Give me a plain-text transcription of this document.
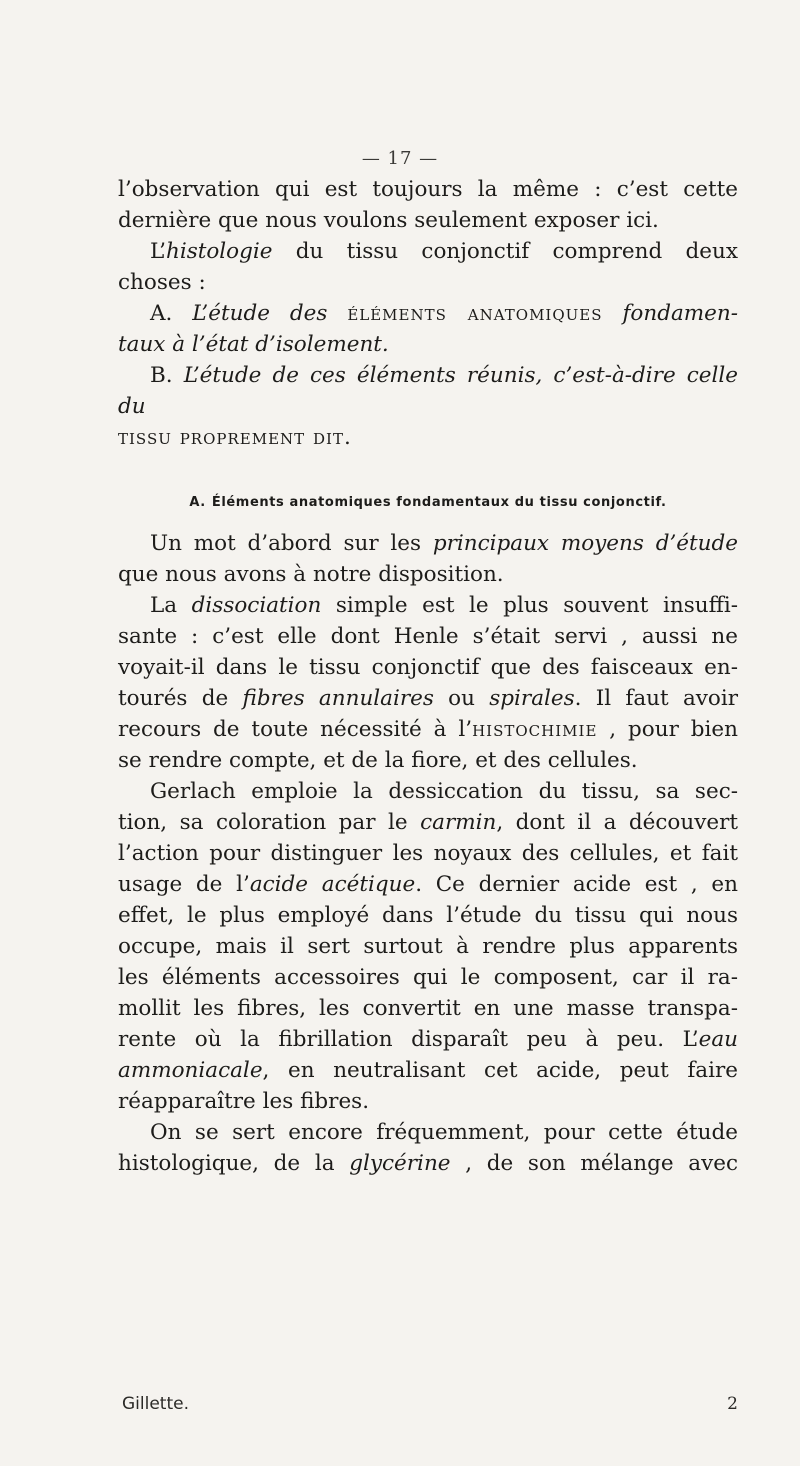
— 17 —

l’observation qui est toujours la même : c’est cette

dernière que nous voulons seulement exposer ici.

L’histologie du tissu conjonctif comprend deux

choses :

A. L’étude des éléments anatomiques fondamen-

taux à l’état d’isolement.

B. L’étude de ces éléments réunis, c’est-à-dire celle du

tissu proprement dit.

A. Éléments anatomiques fondamentaux du tissu conjonctif.

Un mot d’abord sur les principaux moyens d’étude

que nous avons à notre disposition.

La dissociation simple est le plus souvent insuffi-

sante : c’est elle dont Henle s’était servi , aussi ne

voyait-il dans le tissu conjonctif que des faisceaux en-

tourés de fibres annulaires ou spirales. Il faut avoir

recours de toute nécessité à l’histochimie , pour bien

se rendre compte, et de la fiore, et des cellules.

Gerlach emploie la dessiccation du tissu, sa sec-

tion, sa coloration par le carmin, dont il a découvert

l’action pour distinguer les noyaux des cellules, et fait

usage de l’acide acétique. Ce dernier acide est , en

effet, le plus employé dans l’étude du tissu qui nous

occupe, mais il sert surtout à rendre plus apparents

les éléments accessoires qui le composent, car il ra-

mollit les fibres, les convertit en une masse transpa-

rente où la fibrillation disparaît peu à peu. L’eau

ammoniacale, en neutralisant cet acide, peut faire

réapparaître les fibres.

On se sert encore fréquemment, pour cette étude

histologique, de la glycérine , de son mélange avec

Gillette.	2
